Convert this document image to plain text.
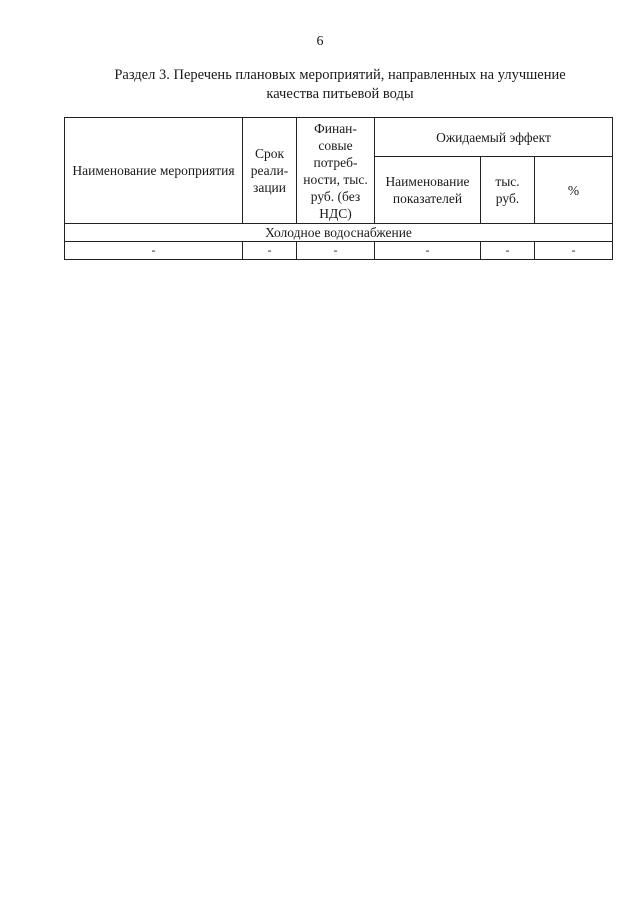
6
Раздел 3. Перечень плановых мероприятий, направленных на улучшение
качества питьевой воды
Наименование мероприятия	Срок реали-зации	Финан-совые потреб-ности, тыс. руб. (без НДС)	Ожидаемый эффект		
			Наименование показателей	тыс. руб.	%
Холодное водоснабжение					
-	-	-	-	-	-
